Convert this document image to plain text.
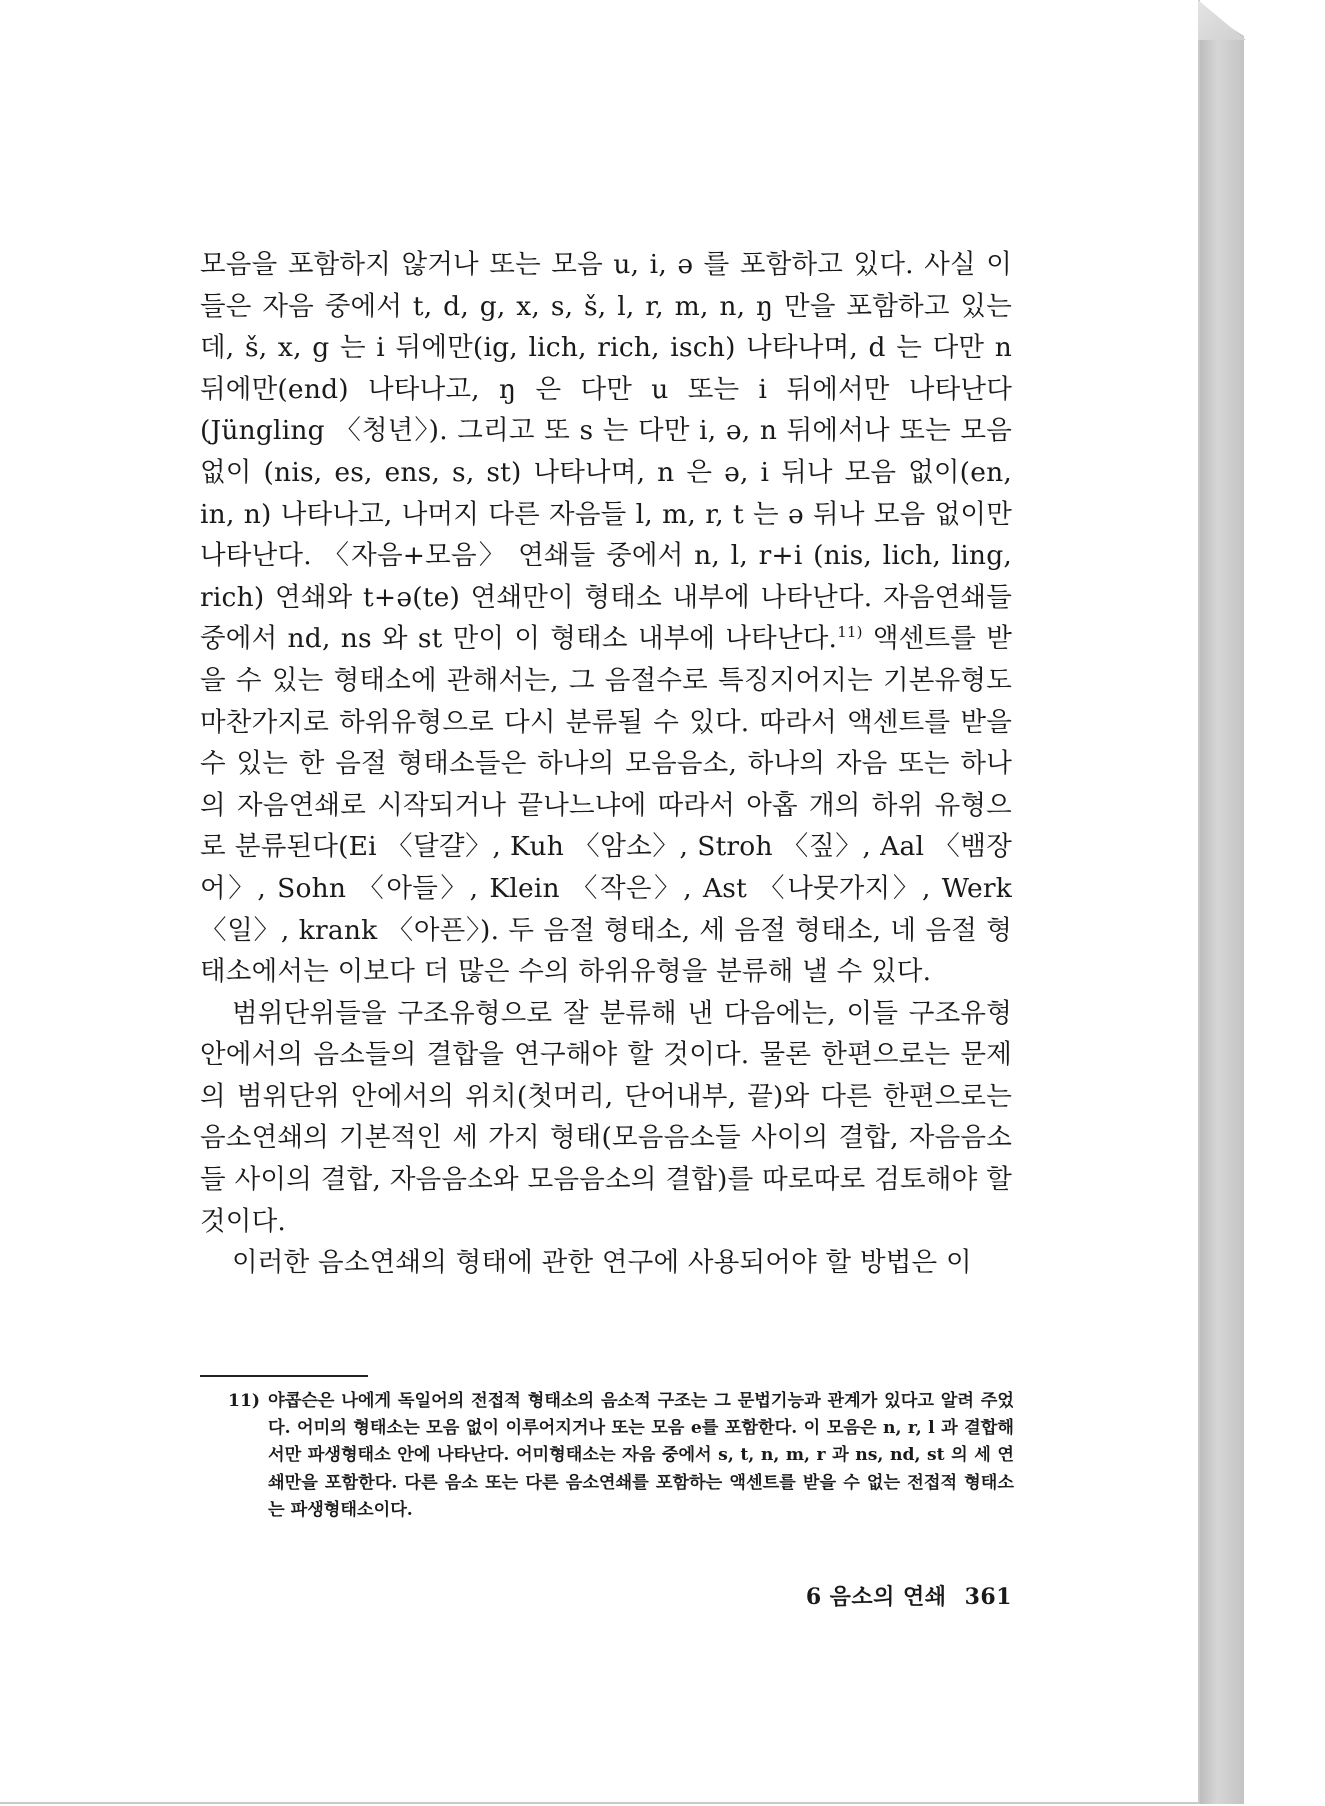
모음을 포함하지 않거나 또는 모음 u, i, ə 를 포함하고 있다. 사실 이들은 자음 중에서 t, d, g, x, s, š, l, r, m, n, ŋ 만을 포함하고 있는데, š, x, g 는 i 뒤에만(ig, lich, rich, isch) 나타나며, d 는 다만 n 뒤에만(end) 나타나고, ŋ 은 다만 u 또는 i 뒤에서만 나타난다(Jüngling 〈청년〉). 그리고 또 s 는 다만 i, ə, n 뒤에서나 또는 모음없이 (nis, es, ens, s, st) 나타나며, n 은 ə, i 뒤나 모음 없이(en, in, n) 나타나고, 나머지 다른 자음들 l, m, r, t 는 ə 뒤나 모음 없이만 나타난다. 〈자음+모음〉 연쇄들 중에서 n, l, r+i (nis, lich, ling, rich) 연쇄와 t+ə(te) 연쇄만이 형태소 내부에 나타난다. 자음연쇄들 중에서 nd, ns 와 st 만이 이 형태소 내부에 나타난다.$^{11)}$ 액센트를 받을 수 있는 형태소에 관해서는, 그 음절수로 특징지어지는 기본유형도 마찬가지로 하위유형으로 다시 분류될 수 있다. 따라서 액센트를 받을 수 있는 한 음절 형태소들은 하나의 모음음소, 하나의 자음 또는 하나의 자음연쇄로 시작되거나 끝나느냐에 따라서 아홉 개의 하위 유형으로 분류된다(Ei 〈달걀〉, Kuh 〈암소〉, Stroh 〈짚〉, Aal 〈뱀장어〉, Sohn 〈아들〉, Klein 〈작은〉, Ast 〈나뭇가지〉, Werk 〈일〉, krank 〈아픈〉). 두 음절 형태소, 세 음절 형태소, 네 음절 형태소에서는 이보다 더 많은 수의 하위유형을 분류해 낼 수 있다.

범위단위들을 구조유형으로 잘 분류해 낸 다음에는, 이들 구조유형 안에서의 음소들의 결합을 연구해야 할 것이다. 물론 한편으로는 문제의 범위단위 안에서의 위치(첫머리, 단어내부, 끝)와 다른 한편으로는 음소연쇄의 기본적인 세 가지 형태(모음음소들 사이의 결합, 자음음소들 사이의 결합, 자음음소와 모음음소의 결합)를 따로따로 검토해야 할 것이다.

이러한 음소연쇄의 형태에 관한 연구에 사용되어야 할 방법은 이

11) 야콥슨은 나에게 독일어의 전접적 형태소의 음소적 구조는 그 문법기능과 관계가 있다고 알려 주었다. 어미의 형태소는 모음 없이 이루어지거나 또는 모음 e를 포함한다. 이 모음은 n, r, l 과 결합해서만 파생형태소 안에 나타난다. 어미형태소는 자음 중에서 s, t, n, m, r 과 ns, nd, st 의 세 연쇄만을 포함한다. 다른 음소 또는 다른 음소연쇄를 포함하는 액센트를 받을 수 없는 전접적 형태소는 파생형태소이다.
6 음소의 연쇄 361
